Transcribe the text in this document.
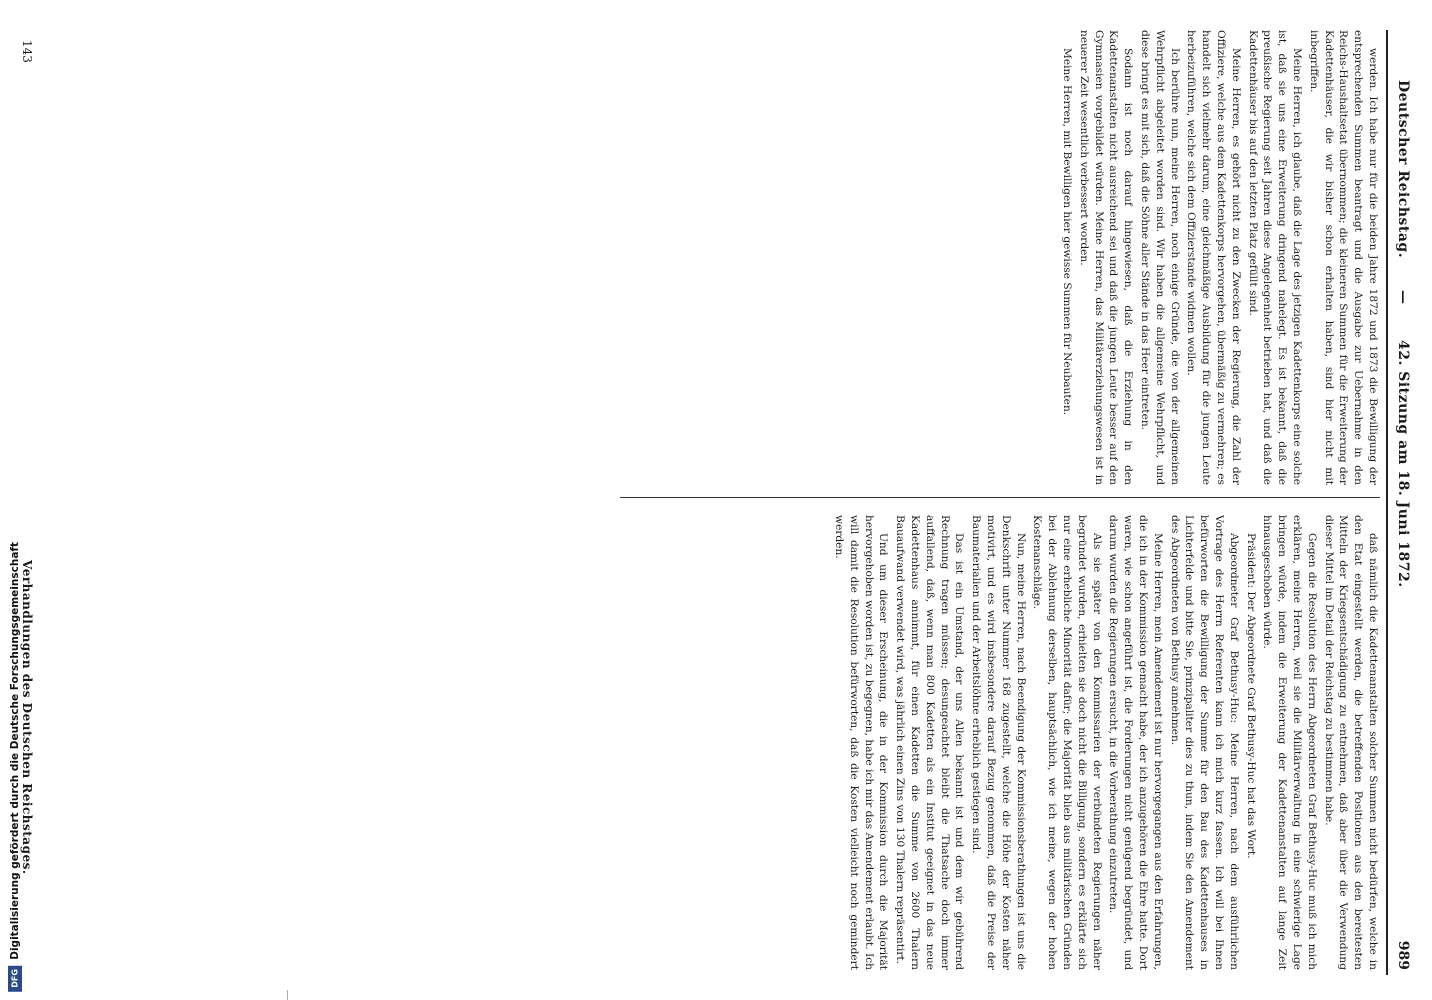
Deutscher Reichstag.
—
42. Sitzung am 18. Juni 1872.
989

werden. Ich habe nur für die beiden Jahre 1872 und 1873 die Bewilligung der entsprechenden Summen beantragt und die Ausgabe zur Uebernahme in den Reichs-Haushaltsetat übernommen; die kleineren Summen für die Erweiterung der Kadettenhäuser, die wir bisher schon erhalten haben, sind hier nicht mit inbegriffen.

Meine Herren, ich glaube, daß die Lage des jetzigen Kadettenkorps eine solche ist, daß sie uns eine Erweiterung dringend nahelegt. Es ist bekannt, daß die preußische Regierung seit Jahren diese Angelegenheit betrieben hat, und daß die Kadettenhäuser bis auf den letzten Platz gefüllt sind.

Meine Herren, es gehört nicht zu den Zwecken der Regierung, die Zahl der Offiziere, welche aus dem Kadettenkorps hervorgehen, übermäßig zu vermehren; es handelt sich vielmehr darum, eine gleichmäßige Ausbildung für die jungen Leute herbeizuführen, welche sich dem Offizierstande widmen wollen.

Ich berühre nun, meine Herren, noch einige Gründe, die von der allgemeinen Wehrpflicht abgeleitet worden sind. Wir haben die allgemeine Wehrpflicht, und diese bringt es mit sich, daß die Söhne aller Stände in das Heer eintreten.

Sodann ist noch darauf hingewiesen, daß die Erziehung in den Kadettenanstalten nicht ausreichend sei und daß die jungen Leute besser auf den Gymnasien vorgebildet würden. Meine Herren, das Militärerziehungswesen ist in neuerer Zeit wesentlich verbessert worden.

Meine Herren, mit Bewilligen hier gewisse Summen für Neubauten.

daß nämlich die Kadettenanstalten solcher Summen nicht bedürfen, welche in den Etat eingestellt werden, die betreffenden Positionen aus den bereitesten Mitteln der Kriegsentschädigung zu entnehmen, daß aber über die Verwendung dieser Mittel im Detail der Reichstag zu bestimmen habe.

Gegen die Resolution des Herrn Abgeordneten Graf Bethusy-Huc muß ich mich erklären, meine Herren, weil sie die Militärverwaltung in eine schwierige Lage bringen würde, indem die Erweiterung der Kadettenanstalten auf lange Zeit hinausgeschoben würde.

Präsident: Der Abgeordnete Graf Bethusy-Huc hat das Wort.

Abgeordneter Graf Bethusy-Huc: Meine Herren, nach dem ausführlichen Vortrage des Herrn Referenten kann ich mich kurz fassen. Ich will bei Ihnen befürworten die Bewilligung der Summe für den Bau des Kadettenhauses in Lichterfelde und bitte Sie, prinzipaliter dies zu thun, indem Sie den Amendement des Abgeordneten von Bethusy annehmen.

Meine Herren, mein Amendement ist nur hervorgegangen aus den Erfahrungen, die ich in der Kommission gemacht habe, der ich anzugehören die Ehre hatte. Dort waren, wie schon angeführt ist, die Forderungen nicht genügend begründet, und darum wurden die Regierungen ersucht, in die Vorberathung einzutreten.

Als sie später von den Kommissarien der verbündeten Regierungen näher begründet wurden, erhielten sie doch nicht die Billigung, sondern es erklärte sich nur eine erhebliche Minorität dafür; die Majorität blieb aus militärischen Gründen bei der Ablehnung derselben, hauptsächlich, wie ich meine, wegen der hohen Kostenanschläge.

Nun, meine Herren, nach Beendigung der Kommissionsberathungen ist uns die Denkschrift unter Nummer 168 zugestellt, welche die Höhe der Kosten näher motivirt, und es wird insbesondere darauf Bezug genommen, daß die Preise der Baumaterialien und der Arbeitslöhne erheblich gestiegen sind.

Das ist ein Umstand, der uns Allen bekannt ist und dem wir gebührend Rechnung tragen müssen; desungeachtet bleibt die Thatsache doch immer auffallend, daß, wenn man 800 Kadetten als ein Institut geeignet in das neue Kadettenhaus annimmt, für einen Kadetten die Summe von 2600 Thalern Bauaufwand verwendet wird, was jährlich einen Zins von 130 Thalern repräsentirt.

Und um dieser Erscheinung, die in der Kommission durch die Majorität hervorgehoben worden ist, zu begegnen, habe ich mir das Amendement erlaubt. Ich will damit die Resolution befürworten, daß die Kosten vielleicht noch gemindert werden.

143
Verhandlungen des Deutschen Reichstages.
DFG
Digitalisierung gefördert durch die Deutsche Forschungsgemeinschaft
